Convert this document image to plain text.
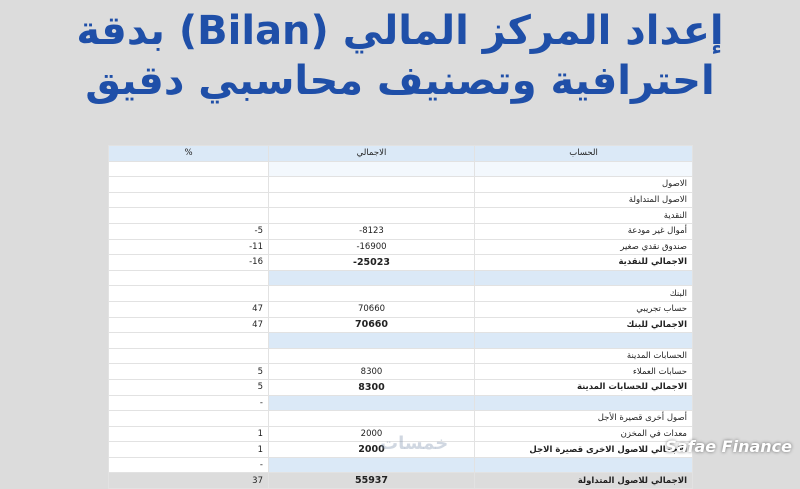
إعداد المركز المالي (Bilan) بدقة
احترافية وتصنيف محاسبي دقيق
%	الاجمالي	الحساب

		الاصول
		الاصول المتداولة
		النقدية
-5	-8123	أموال غير مودعة
-11	-16900	صندوق نقدي صغير
-16	-25023	الاجمالي للنقدية

		البنك
47	70660	حساب تجريبي
47	70660	الاجمالي للبنك

		الحسابات المدينة
5	8300	حسابات العملاء
5	8300	الاجمالي للحسابات المدينة
-		
		أصول أخرى قصيرة الأجل
1	2000	معدات في المخزن
1	2000	الاجمالي للاصول الاخرى قصيرة الاجل
-		
37	55937	الاجمالي للاصول المتداولة
خمسات	Safae Finance
